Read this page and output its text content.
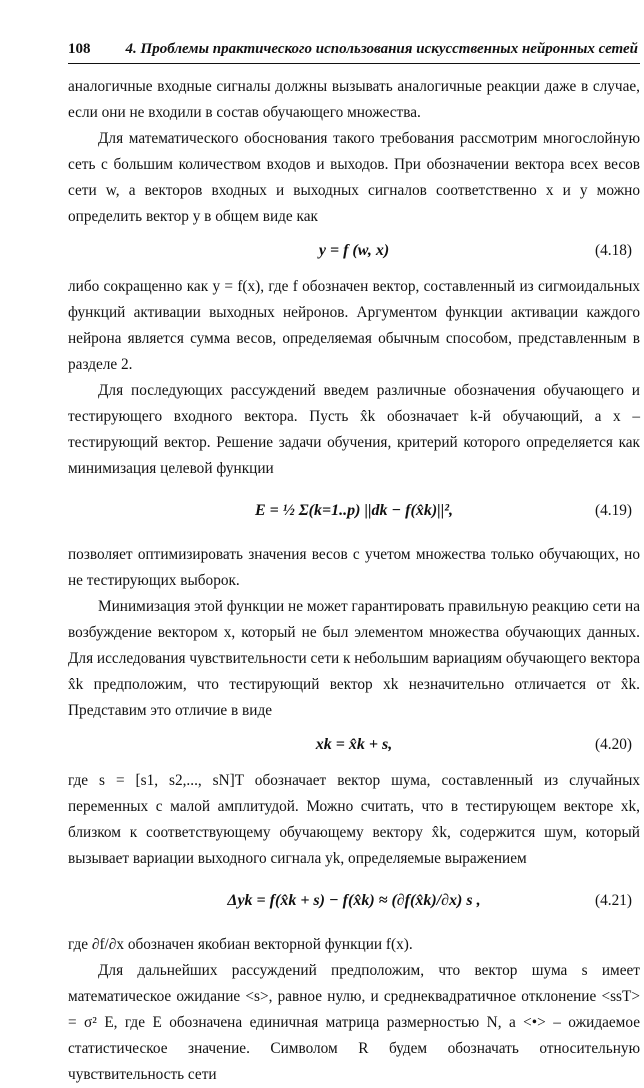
108 4. Проблемы практического использования искусственных нейронных сетей

аналогичные входные сигналы должны вызывать аналогичные реакции даже в случае, если они не входили в состав обучающего множества.

Для математического обоснования такого требования рассмотрим многослойную сеть с большим количеством входов и выходов. При обозначении вектора всех весов сети w, а векторов входных и выходных сигналов соответственно x и y можно определить вектор y в общем виде как

y = f (w, x)	(4.18)

либо сокращенно как y = f(x), где f обозначен вектор, составленный из сигмоидальных функций активации выходных нейронов. Аргументом функции активации каждого нейрона является сумма весов, определяемая обычным способом, представленным в разделе 2.

Для последующих рассуждений введем различные обозначения обучающего и тестирующего входного вектора. Пусть x̂k обозначает k-й обучающий, а x – тестирующий вектор. Решение задачи обучения, критерий которого определяется как минимизация целевой функции

E = ½ Σ(k=1..p) ||dk − f(x̂k)||²,	(4.19)

позволяет оптимизировать значения весов с учетом множества только обучающих, но не тестирующих выборок.

Минимизация этой функции не может гарантировать правильную реакцию сети на возбуждение вектором x, который не был элементом множества обучающих данных. Для исследования чувствительности сети к небольшим вариациям обучающего вектора x̂k предположим, что тестирующий вектор xk незначительно отличается от x̂k. Представим это отличие в виде

xk = x̂k + s,	(4.20)

где s = [s1, s2,..., sN]T обозначает вектор шума, составленный из случайных переменных с малой амплитудой. Можно считать, что в тестирующем векторе xk, близком к соответствующему обучающему вектору x̂k, содержится шум, который вызывает вариации выходного сигнала yk, определяемые выражением

Δyk = f(x̂k + s) − f(x̂k) ≈ (∂f(x̂k)/∂x) s ,	(4.21)

где ∂f/∂x обозначен якобиан векторной функции f(x).

Для дальнейших рассуждений предположим, что вектор шума s имеет математическое ожидание <s>, равное нулю, и среднеквадратичное отклонение <ssT> = σ² E, где E обозначена единичная матрица размерностью N, а <•> – ожидаемое статистическое значение. Символом R будем обозначать относительную чувствительность сети
